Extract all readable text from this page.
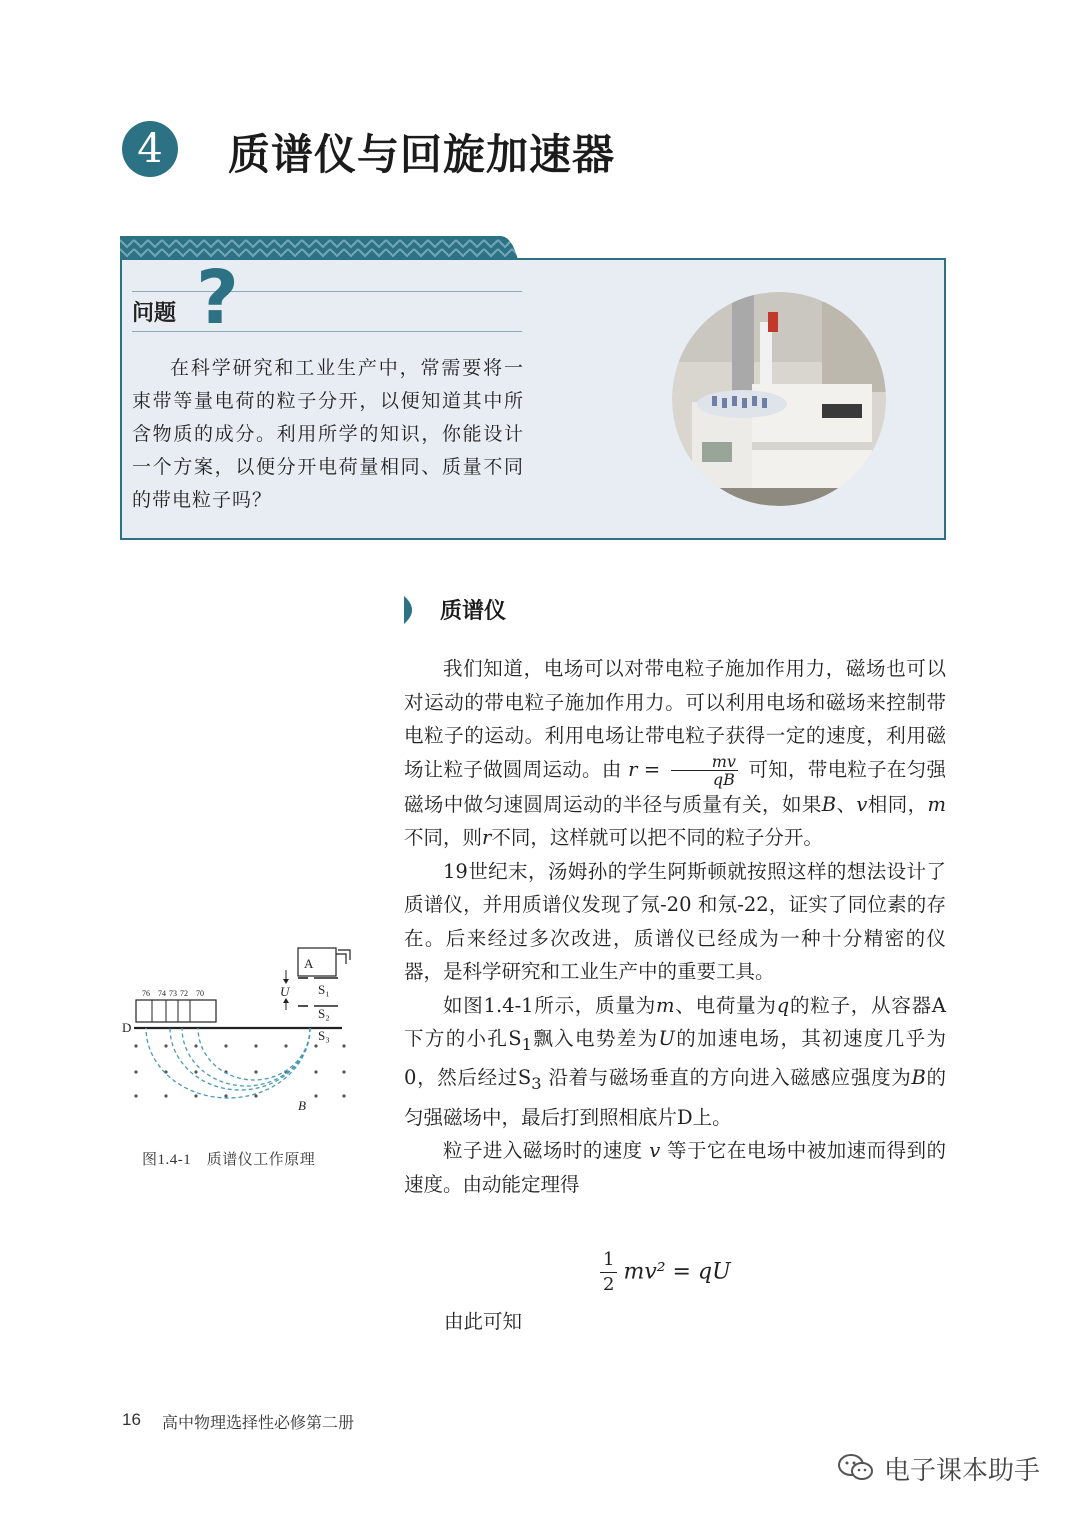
4	质谱仪与回旋加速器
问题 ?
在科学研究和工业生产中，常需要将一束带等量电荷的粒子分开，以便知道其中所含物质的成分。利用所学的知识，你能设计一个方案，以便分开电荷量相同、质量不同的带电粒子吗？
质谱仪

我们知道，电场可以对带电粒子施加作用力，磁场也可以对运动的带电粒子施加作用力。可以利用电场和磁场来控制带电粒子的运动。利用电场让带电粒子获得一定的速度，利用磁场让粒子做圆周运动。由 $r = \frac{mv}{qB}$ 可知，带电粒子在匀强磁场中做匀速圆周运动的半径与质量有关，如果B、v相同，m不同，则r不同，这样就可以把不同的粒子分开。

19世纪末，汤姆孙的学生阿斯顿就按照这样的想法设计了质谱仪，并用质谱仪发现了氖-20 和氖-22，证实了同位素的存在。后来经过多次改进，质谱仪已经成为一种十分精密的仪器，是科学研究和工业生产中的重要工具。

如图1.4-1所示，质量为m、电荷量为q的粒子，从容器A下方的小孔$S_1$飘入电势差为U的加速电场，其初速度几乎为 0，然后经过$S_3$ 沿着与磁场垂直的方向进入磁感应强度为B的匀强磁场中，最后打到照相底片D上。

粒子进入磁场时的速度 v 等于它在电场中被加速而得到的速度。由动能定理得

$\frac{1}{2} mv^2$ = qU
由此可知
76 74 73 72 70
A
U S₁
S₂
S₃
D
B
图1.4-1　质谱仪工作原理
16 高中物理选择性必修第二册
电子课本助手
